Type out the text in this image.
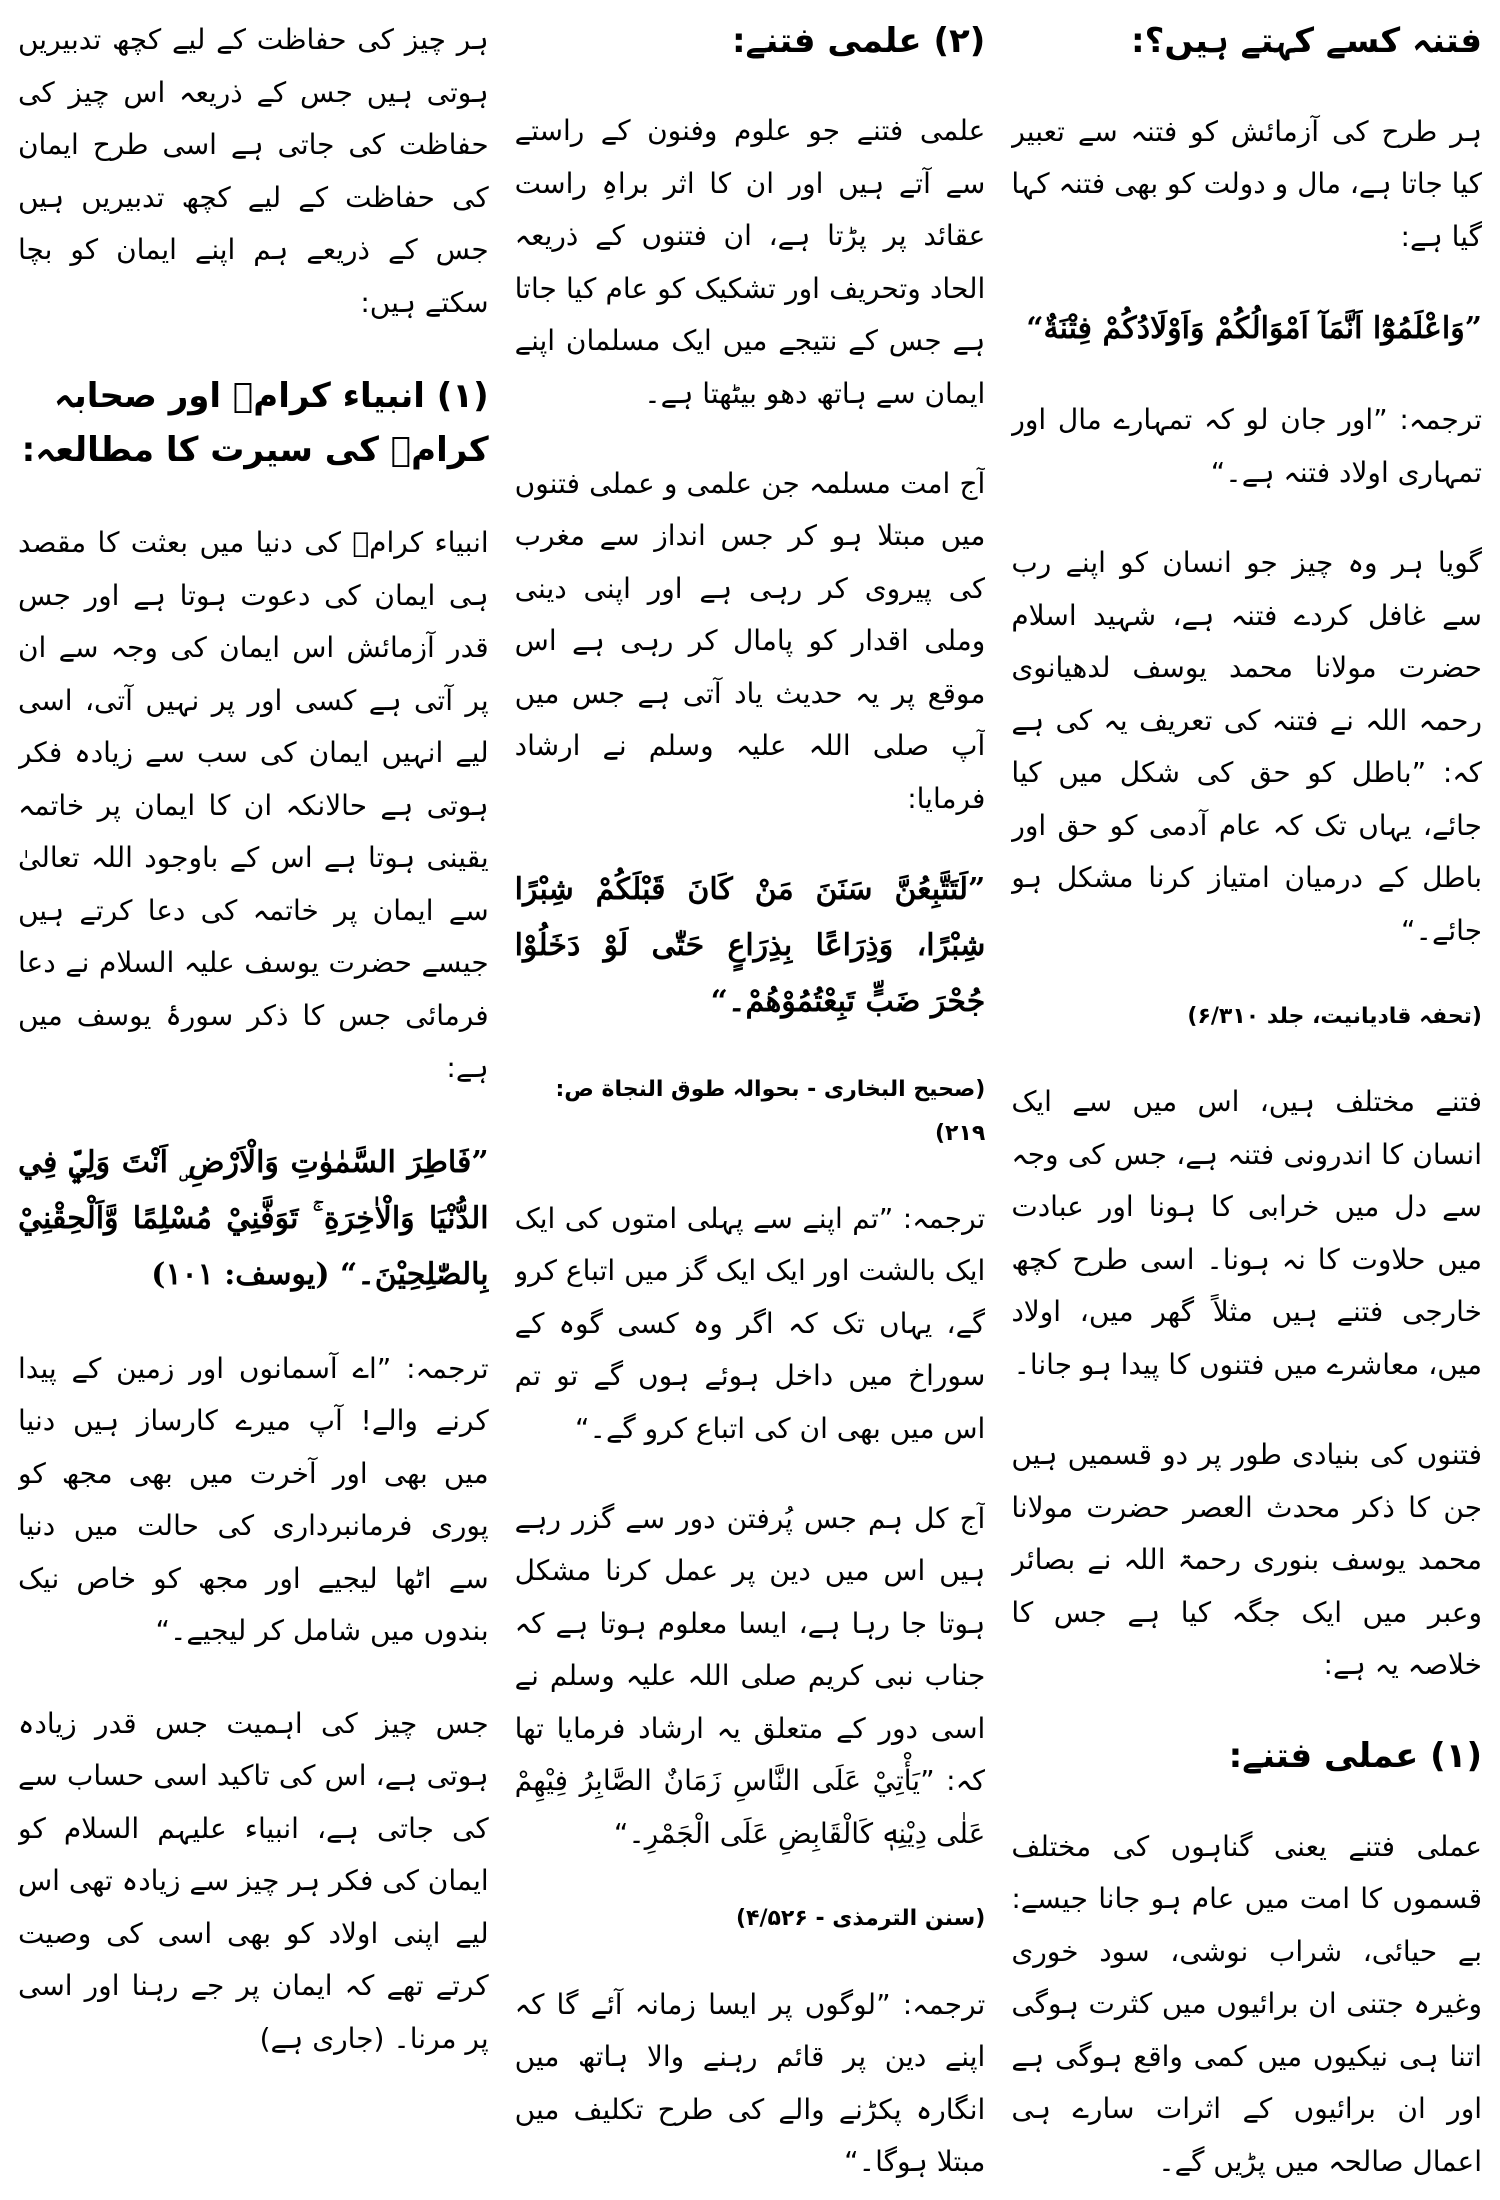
فتنہ کسے کہتے ہیں؟:

ہر طرح کی آزمائش کو فتنہ سے تعبیر کیا جاتا ہے، مال و دولت کو بھی فتنہ کہا گیا ہے:

”وَاعْلَمُوْٓا اَنَّمَآ اَمْوَالُكُمْ وَاَوْلَادُكُمْ فِتْنَةٌ“

ترجمہ: ”اور جان لو کہ تمہارے مال اور تمہاری اولاد فتنہ ہے۔“

گویا ہر وہ چیز جو انسان کو اپنے رب سے غافل کردے فتنہ ہے، شہید اسلام حضرت مولانا محمد یوسف لدھیانوی رحمہ اللہ نے فتنہ کی تعریف یہ کی ہے کہ: ”باطل کو حق کی شکل میں کیا جائے، یہاں تک کہ عام آدمی کو حق اور باطل کے درمیان امتیاز کرنا مشکل ہو جائے۔“

(تحفہ قادیانیت، جلد ۶/۳۱۰)

فتنے مختلف ہیں، اس میں سے ایک انسان کا اندرونی فتنہ ہے، جس کی وجہ سے دل میں خرابی کا ہونا اور عبادت میں حلاوت کا نہ ہونا۔ اسی طرح کچھ خارجی فتنے ہیں مثلاً گھر میں، اولاد میں، معاشرے میں فتنوں کا پیدا ہو جانا۔

فتنوں کی بنیادی طور پر دو قسمیں ہیں جن کا ذکر محدث العصر حضرت مولانا محمد یوسف بنوری رحمۃ اللہ نے بصائر وعبر میں ایک جگہ کیا ہے جس کا خلاصہ یہ ہے:

(۱) عملی فتنے:

عملی فتنے یعنی گناہوں کی مختلف قسموں کا امت میں عام ہو جانا جیسے: بے حیائی، شراب نوشی، سود خوری وغیرہ جتنی ان برائیوں میں کثرت ہوگی اتنا ہی نیکیوں میں کمی واقع ہوگی ہے اور ان برائیوں کے اثرات سارے ہی اعمال صالحہ میں پڑیں گے۔

(۲) علمی فتنے:

علمی فتنے جو علوم وفنون کے راستے سے آتے ہیں اور ان کا اثر براہِ راست عقائد پر پڑتا ہے، ان فتنوں کے ذریعہ الحاد وتحریف اور تشکیک کو عام کیا جاتا ہے جس کے نتیجے میں ایک مسلمان اپنے ایمان سے ہاتھ دھو بیٹھتا ہے۔

آج امت مسلمہ جن علمی و عملی فتنوں میں مبتلا ہو کر جس انداز سے مغرب کی پیروی کر رہی ہے اور اپنی دینی وملی اقدار کو پامال کر رہی ہے اس موقع پر یہ حدیث یاد آتی ہے جس میں آپ صلی اللہ علیہ وسلم نے ارشاد فرمایا:

”لَتَتَّبِعُنَّ سَنَنَ مَنْ كَانَ قَبْلَكُمْ شِبْرًا شِبْرًا، وَذِرَاعًا بِذِرَاعٍ حَتّٰى لَوْ دَخَلُوْا جُحْرَ ضَبٍّ تَبِعْتُمُوْهُمْ۔“

(صحیح البخاری - بحوالہ طوق النجاة ص: ۲۱۹)

ترجمہ: ”تم اپنے سے پہلی امتوں کی ایک ایک بالشت اور ایک ایک گز میں اتباع کرو گے، یہاں تک کہ اگر وہ کسی گوہ کے سوراخ میں داخل ہوئے ہوں گے تو تم اس میں بھی ان کی اتباع کرو گے۔“

آج کل ہم جس پُرفتن دور سے گزر رہے ہیں اس میں دین پر عمل کرنا مشکل ہوتا جا رہا ہے، ایسا معلوم ہوتا ہے کہ جناب نبی کریم صلی اللہ علیہ وسلم نے اسی دور کے متعلق یہ ارشاد فرمایا تھا کہ: ”يَأْتِيْ عَلَى النَّاسِ زَمَانٌ الصَّابِرُ فِيْهِمْ عَلٰى دِيْنِهٖ كَالْقَابِضِ عَلَى الْجَمْرِ۔“

(سنن الترمذی - ۴/۵۲۶)

ترجمہ: ”لوگوں پر ایسا زمانہ آئے گا کہ اپنے دین پر قائم رہنے والا ہاتھ میں انگارہ پکڑنے والے کی طرح تکلیف میں مبتلا ہوگا۔“

ہر چیز کی حفاظت کے لیے کچھ تدبیریں ہوتی ہیں جس کے ذریعہ اس چیز کی حفاظت کی جاتی ہے اسی طرح ایمان کی حفاظت کے لیے کچھ تدبیریں ہیں جس کے ذریعے ہم اپنے ایمان کو بچا سکتے ہیں:

(۱) انبیاء کرامؑ اور صحابہ کرامؓ کی سیرت کا مطالعہ:

انبیاء کرامؑ کی دنیا میں بعثت کا مقصد ہی ایمان کی دعوت ہوتا ہے اور جس قدر آزمائش اس ایمان کی وجہ سے ان پر آتی ہے کسی اور پر نہیں آتی، اسی لیے انہیں ایمان کی سب سے زیادہ فکر ہوتی ہے حالانکہ ان کا ایمان پر خاتمہ یقینی ہوتا ہے اس کے باوجود اللہ تعالیٰ سے ایمان پر خاتمہ کی دعا کرتے ہیں جیسے حضرت یوسف علیہ السلام نے دعا فرمائی جس کا ذکر سورۂ یوسف میں ہے:

”فَاطِرَ السَّمٰوٰتِ وَالْاَرْضِ ۣ اَنْتَ وَلِيّٖ فِي الدُّنْيَا وَالْاٰخِرَةِ ۚ تَوَفَّنِيْ مُسْلِمًا وَّاَلْحِقْنِيْ بِالصّٰلِحِيْنَ۔“ (یوسف: ۱۰۱)

ترجمہ: ”اے آسمانوں اور زمین کے پیدا کرنے والے! آپ میرے کارساز ہیں دنیا میں بھی اور آخرت میں بھی مجھ کو پوری فرمانبرداری کی حالت میں دنیا سے اٹھا لیجیے اور مجھ کو خاص نیک بندوں میں شامل کر لیجیے۔“

جس چیز کی اہمیت جس قدر زیادہ ہوتی ہے، اس کی تاکید اسی حساب سے کی جاتی ہے، انبیاء علیہم السلام کو ایمان کی فکر ہر چیز سے زیادہ تھی اس لیے اپنی اولاد کو بھی اسی کی وصیت کرتے تھے کہ ایمان پر جے رہنا اور اسی پر مرنا۔ (جاری ہے)
